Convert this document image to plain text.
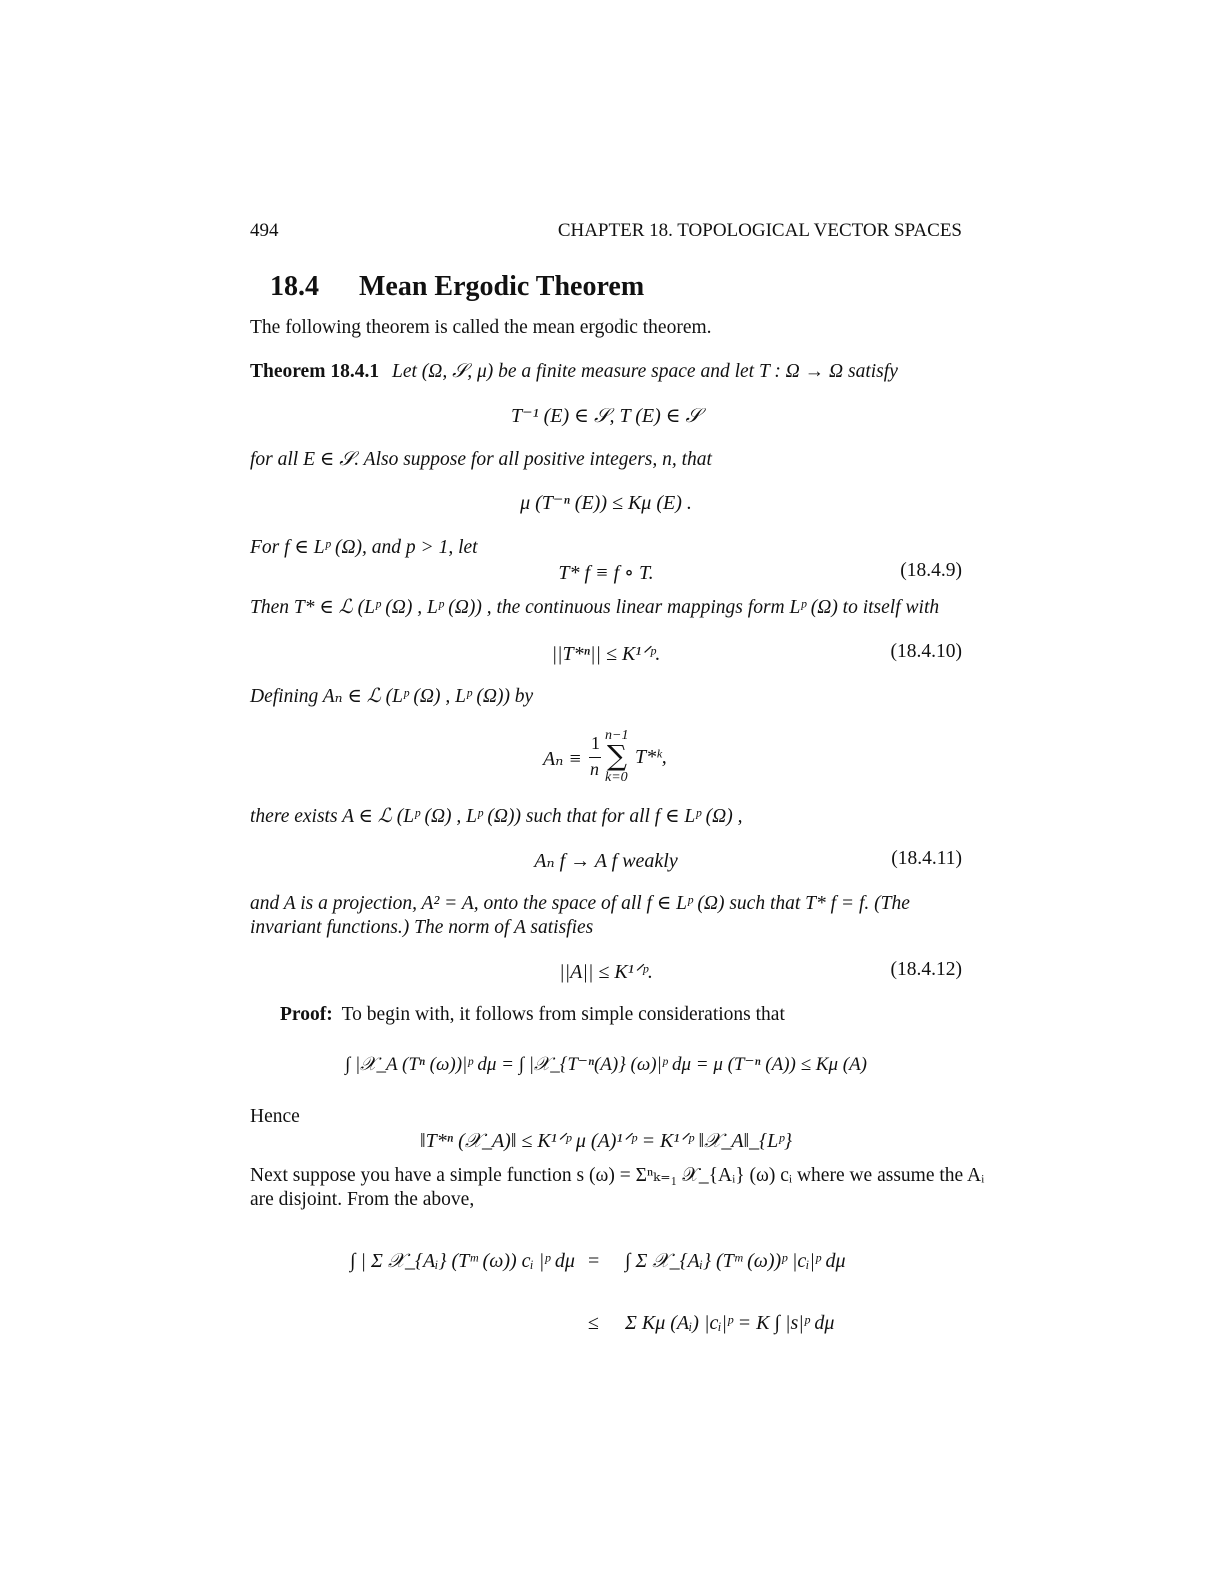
494	CHAPTER 18. TOPOLOGICAL VECTOR SPACES
18.4 Mean Ergodic Theorem
The following theorem is called the mean ergodic theorem.
Theorem 18.4.1 Let (Ω, 𝒮, μ) be a finite measure space and let T : Ω → Ω satisfy
T⁻¹ (E) ∈ 𝒮, T (E) ∈ 𝒮
for all E ∈ 𝒮. Also suppose for all positive integers, n, that
μ (T⁻ⁿ (E)) ≤ Kμ (E) .
For f ∈ Lᵖ (Ω), and p > 1, let
T* f ≡ f ∘ T.	(18.4.9)
Then T* ∈ ℒ (Lᵖ (Ω) , Lᵖ (Ω)) , the continuous linear mappings form Lᵖ (Ω) to itself with
||T*ⁿ|| ≤ K¹ᐟᵖ.	(18.4.10)
Defining Aₙ ∈ ℒ (Lᵖ (Ω) , Lᵖ (Ω)) by
Aₙ ≡
1
n
n−1
∑
k=0
T*ᵏ,
there exists A ∈ ℒ (Lᵖ (Ω) , Lᵖ (Ω)) such that for all f ∈ Lᵖ (Ω) ,
Aₙ f → A f weakly	(18.4.11)
and A is a projection, A² = A, onto the space of all f ∈ Lᵖ (Ω) such that T* f = f. (The
invariant functions.) The norm of A satisfies
||A|| ≤ K¹ᐟᵖ.	(18.4.12)
Proof: To begin with, it follows from simple considerations that
∫ |𝒳_A (Tⁿ (ω))|ᵖ dμ = ∫ |𝒳_{T⁻ⁿ(A)} (ω)|ᵖ dμ = μ (T⁻ⁿ (A)) ≤ Kμ (A)
Hence
‖T*ⁿ (𝒳_A)‖ ≤ K¹ᐟᵖ μ (A)¹ᐟᵖ = K¹ᐟᵖ ‖𝒳_A‖_{Lᵖ}
Next suppose you have a simple function s (ω) = Σⁿₖ₌₁ 𝒳_{Aᵢ} (ω) cᵢ where we assume the Aᵢ
are disjoint. From the above,
∫ | Σ 𝒳_{Aᵢ} (Tᵐ (ω)) cᵢ |ᵖ dμ = ∫ Σ 𝒳_{Aᵢ} (Tᵐ (ω))ᵖ |cᵢ|ᵖ dμ
≤ Σ Kμ (Aᵢ) |cᵢ|ᵖ = K ∫ |s|ᵖ dμ
